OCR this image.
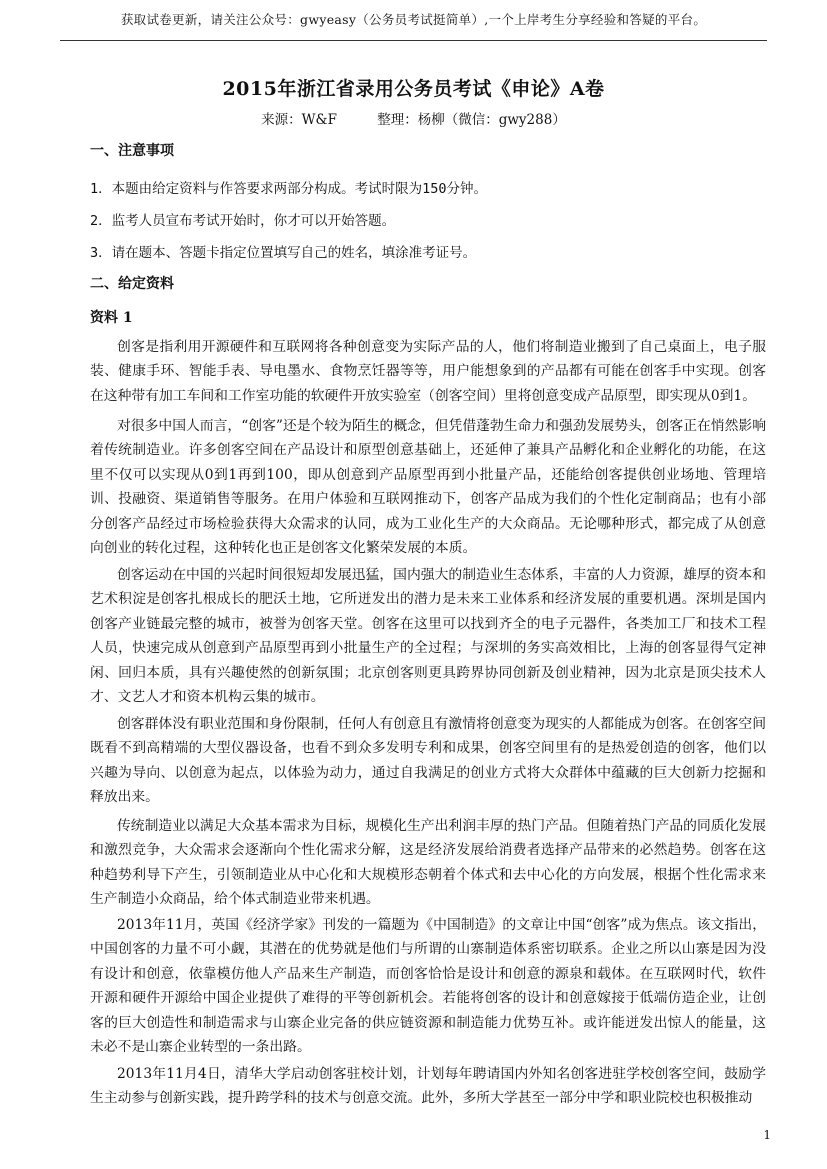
获取试卷更新，请关注公众号：gwyeasy（公务员考试挺简单）,一个上岸考生分享经验和答疑的平台。
2015年浙江省录用公务员考试《申论》A卷
来源：W&F	整理：杨柳（微信：gwy288）
一、注意事项
1．本题由给定资料与作答要求两部分构成。考试时限为150分钟。
2．监考人员宣布考试开始时，你才可以开始答题。
3．请在题本、答题卡指定位置填写自己的姓名，填涂准考证号。
二、给定资料
资料 1
创客是指利用开源硬件和互联网将各种创意变为实际产品的人，他们将制造业搬到了自己桌面上，电子服装、健康手环、智能手表、导电墨水、食物烹饪器等等，用户能想象到的产品都有可能在创客手中实现。创客在这种带有加工车间和工作室功能的软硬件开放实验室（创客空间）里将创意变成产品原型，即实现从0到1。
对很多中国人而言，“创客”还是个较为陌生的概念，但凭借蓬勃生命力和强劲发展势头，创客正在悄然影响着传统制造业。许多创客空间在产品设计和原型创意基础上，还延伸了兼具产品孵化和企业孵化的功能，在这里不仅可以实现从0到1再到100，即从创意到产品原型再到小批量产品，还能给创客提供创业场地、管理培训、投融资、渠道销售等服务。在用户体验和互联网推动下，创客产品成为我们的个性化定制商品；也有小部分创客产品经过市场检验获得大众需求的认同，成为工业化生产的大众商品。无论哪种形式，都完成了从创意向创业的转化过程，这种转化也正是创客文化繁荣发展的本质。
创客运动在中国的兴起时间很短却发展迅猛，国内强大的制造业生态体系，丰富的人力资源，雄厚的资本和艺术积淀是创客扎根成长的肥沃土地，它所迸发出的潜力是未来工业体系和经济发展的重要机遇。深圳是国内创客产业链最完整的城市，被誉为创客天堂。创客在这里可以找到齐全的电子元器件，各类加工厂和技术工程人员，快速完成从创意到产品原型再到小批量生产的全过程；与深圳的务实高效相比，上海的创客显得气定神闲、回归本质，具有兴趣使然的创新氛围；北京创客则更具跨界协同创新及创业精神，因为北京是顶尖技术人才、文艺人才和资本机构云集的城市。
创客群体没有职业范围和身份限制，任何人有创意且有激情将创意变为现实的人都能成为创客。在创客空间既看不到高精端的大型仪器设备，也看不到众多发明专利和成果，创客空间里有的是热爱创造的创客，他们以兴趣为导向、以创意为起点，以体验为动力，通过自我满足的创业方式将大众群体中蕴藏的巨大创新力挖掘和释放出来。
传统制造业以满足大众基本需求为目标，规模化生产出利润丰厚的热门产品。但随着热门产品的同质化发展和激烈竞争，大众需求会逐渐向个性化需求分解，这是经济发展给消费者选择产品带来的必然趋势。创客在这种趋势利导下产生，引领制造业从中心化和大规模形态朝着个体式和去中心化的方向发展，根据个性化需求来生产制造小众商品，给个体式制造业带来机遇。
2013年11月，英国《经济学家》刊发的一篇题为《中国制造》的文章让中国“创客”成为焦点。该文指出，中国创客的力量不可小觑，其潜在的优势就是他们与所谓的山寨制造体系密切联系。企业之所以山寨是因为没有设计和创意，依靠模仿他人产品来生产制造，而创客恰恰是设计和创意的源泉和载体。在互联网时代，软件开源和硬件开源给中国企业提供了难得的平等创新机会。若能将创客的设计和创意嫁接于低端仿造企业，让创客的巨大创造性和制造需求与山寨企业完备的供应链资源和制造能力优势互补。或许能迸发出惊人的能量，这未必不是山寨企业转型的一条出路。
2013年11月4日，清华大学启动创客驻校计划，计划每年聘请国内外知名创客进驻学校创客空间，鼓励学生主动参与创新实践，提升跨学科的技术与创意交流。此外，多所大学甚至一部分中学和职业院校也积极推动
1
